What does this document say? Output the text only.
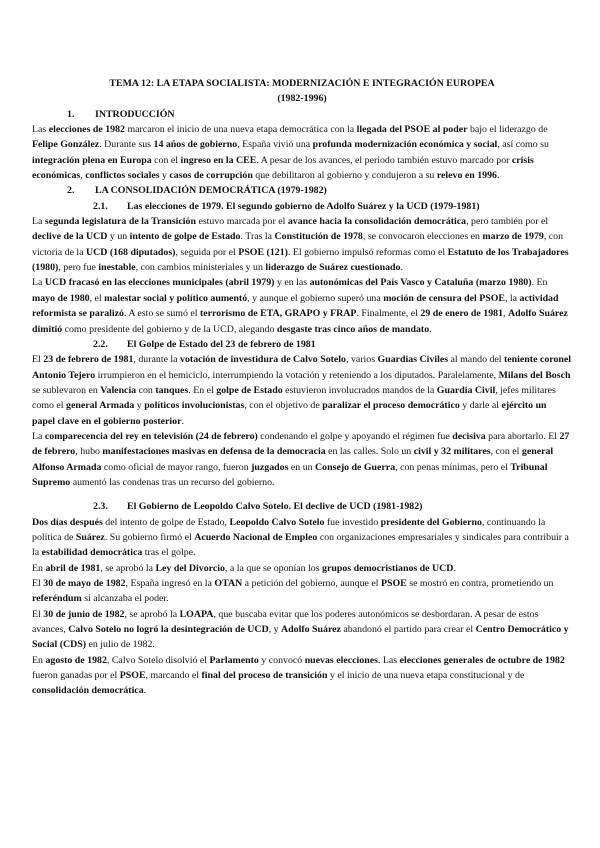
TEMA 12: LA ETAPA SOCIALISTA: MODERNIZACIÓN E INTEGRACIÓN EUROPEA
(1982-1996)
1. INTRODUCCIÓN

Las elecciones de 1982 marcaron el inicio de una nueva etapa democrática con la llegada del PSOE al poder bajo el liderazgo de Felipe González. Durante sus 14 años de gobierno, España vivió una profunda modernización económica y social, así como su integración plena en Europa con el ingreso en la CEE. A pesar de los avances, el periodo también estuvo marcado por crisis económicas, conflictos sociales y casos de corrupción que debilitaron al gobierno y condujeron a su relevo en 1996.

2. LA CONSOLIDACIÓN DEMOCRÁTICA (1979-1982)
2.1. Las elecciones de 1979. El segundo gobierno de Adolfo Suárez y la UCD (1979-1981)

La segunda legislatura de la Transición estuvo marcada por el avance hacia la consolidación democrática, pero también por el declive de la UCD y un intento de golpe de Estado. Tras la Constitución de 1978, se convocaron elecciones en marzo de 1979, con victoria de la UCD (168 diputados), seguida por el PSOE (121). El gobierno impulsó reformas como el Estatuto de los Trabajadores (1980), pero fue inestable, con cambios ministeriales y un liderazgo de Suárez cuestionado.

La UCD fracasó en las elecciones municipales (abril 1979) y en las autonómicas del País Vasco y Cataluña (marzo 1980). En mayo de 1980, el malestar social y político aumentó, y aunque el gobierno superó una moción de censura del PSOE, la actividad reformista se paralizó. A esto se sumó el terrorismo de ETA, GRAPO y FRAP. Finalmente, el 29 de enero de 1981, Adolfo Suárez dimitió como presidente del gobierno y de la UCD, alegando desgaste tras cinco años de mandato.

2.2. El Golpe de Estado del 23 de febrero de 1981

El 23 de febrero de 1981, durante la votación de investidura de Calvo Sotelo, varios Guardias Civiles al mando del teniente coronel Antonio Tejero irrumpieron en el hemiciclo, interrumpiendo la votación y reteniendo a los diputados. Paralelamente, Milans del Bosch se sublevaron en Valencia con tanques. En el golpe de Estado estuvieron involucrados mandos de la Guardia Civil, jefes militares como el general Armada y políticos involucionistas, con el objetivo de paralizar el proceso democrático y darle al ejército un papel clave en el gobierno posterior.

La comparecencia del rey en televisión (24 de febrero) condenando el golpe y apoyando el régimen fue decisiva para abortarlo. El 27 de febrero, hubo manifestaciones masivas en defensa de la democracia en las calles. Solo un civil y 32 militares, con el general Alfonso Armada como oficial de mayor rango, fueron juzgados en un Consejo de Guerra, con penas mínimas, pero el Tribunal Supremo aumentó las condenas tras un recurso del gobierno.

2.3. El Gobierno de Leopoldo Calvo Sotelo. El declive de UCD (1981-1982)

Dos días después del intento de golpe de Estado, Leopoldo Calvo Sotelo fue investido presidente del Gobierno, continuando la política de Suárez. Su gobierno firmó el Acuerdo Nacional de Empleo con organizaciones empresariales y sindicales para contribuir a la estabilidad democrática tras el golpe.

En abril de 1981, se aprobó la Ley del Divorcio, a la que se oponían los grupos democristianos de UCD.

El 30 de mayo de 1982, España ingresó en la OTAN a petición del gobierno, aunque el PSOE se mostró en contra, prometiendo un referéndum si alcanzaba el poder.

El 30 de junio de 1982, se aprobó la LOAPA, que buscaba evitar que los poderes autonómicos se desbordaran. A pesar de estos avances, Calvo Sotelo no logró la desintegración de UCD, y Adolfo Suárez abandonó el partido para crear el Centro Democrático y Social (CDS) en julio de 1982.

En agosto de 1982, Calvo Sotelo disolvió el Parlamento y convocó nuevas elecciones. Las elecciones generales de octubre de 1982 fueron ganadas por el PSOE, marcando el final del proceso de transición y el inicio de una nueva etapa constitucional y de consolidación democrática.
